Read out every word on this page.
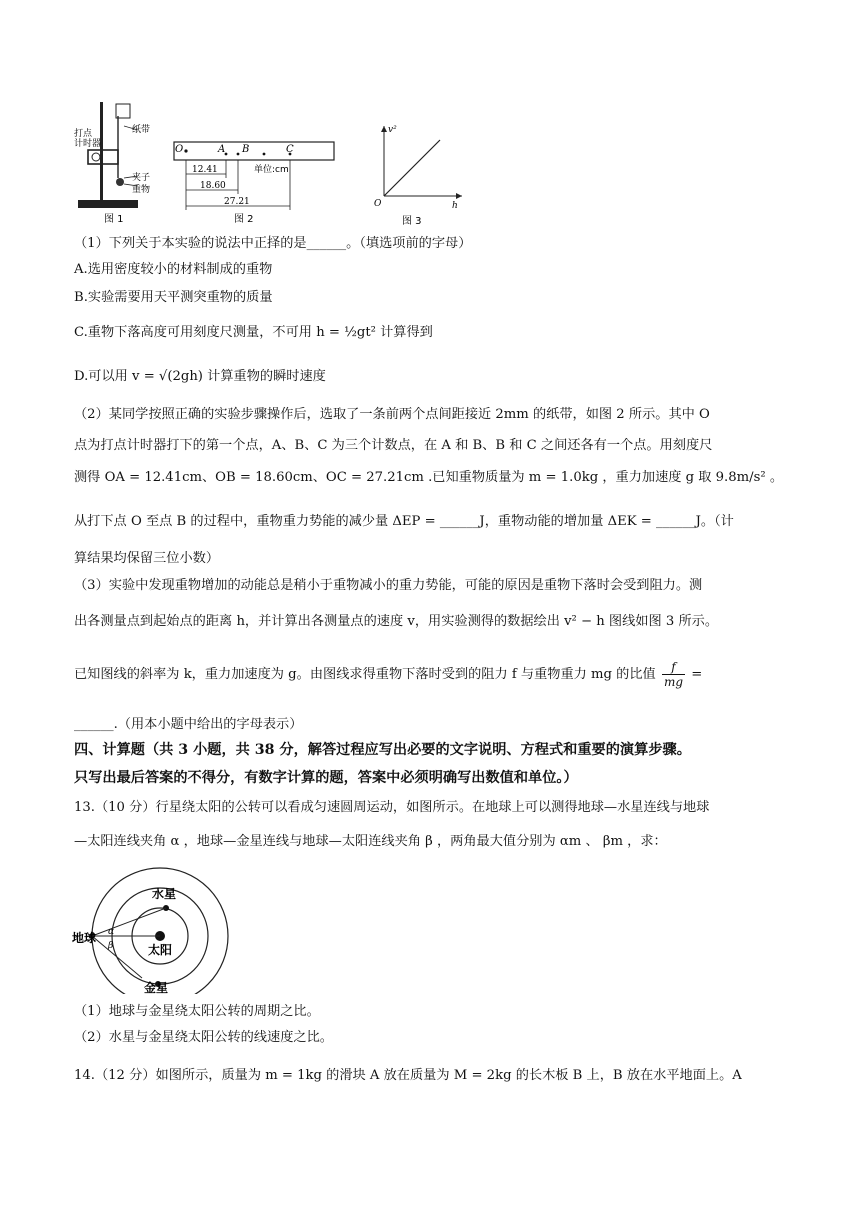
打点
计时器
纸带
夹子
重物
图 1
O	A B	C
12.41
18.60
27.21
单位:cm
图 2
v²
h
O
图 3
（1）下列关于本实验的说法中正择的是______。（填选项前的字母）
A.选用密度较小的材料制成的重物
B.实验需要用天平测突重物的质量
C.重物下落高度可用刻度尺测量，不可用 h = ½gt² 计算得到
D.可以用 v = √(2gh) 计算重物的瞬时速度
（2）某同学按照正确的实验步骤操作后，选取了一条前两个点间距接近 2mm 的纸带，如图 2 所示。其中 O
点为打点计时器打下的第一个点，A、B、C 为三个计数点，在 A 和 B、B 和 C 之间还各有一个点。用刻度尺
测得 OA = 12.41cm、OB = 18.60cm、OC = 27.21cm .已知重物质量为 m = 1.0kg ，重力加速度 g 取 9.8m/s² 。
从打下点 O 至点 B 的过程中，重物重力势能的减少量 ΔEP = ______J，重物动能的增加量 ΔEK = ______J。（计
算结果均保留三位小数）
（3）实验中发现重物增加的动能总是稍小于重物减小的重力势能，可能的原因是重物下落时会受到阻力。测
出各测量点到起始点的距离 h，并计算出各测量点的速度 v，用实验测得的数据绘出 v² − h 图线如图 3 所示。
已知图线的斜率为 k，重力加速度为 g。由图线求得重物下落时受到的阻力 f 与重物重力 mg 的比值 $\frac{f}{mg}$ =
______.（用本小题中给出的字母表示）
四、计算题（共 3 小题，共 38 分，解答过程应写出必要的文字说明、方程式和重要的演算步骤。
只写出最后答案的不得分，有数字计算的题，答案中必须明确写出数值和单位。）
13.（10 分）行星绕太阳的公转可以看成匀速圆周运动，如图所示。在地球上可以测得地球—水星连线与地球
—太阳连线夹角 α ，地球—金星连线与地球—太阳连线夹角 β ，两角最大值分别为 αm 、 βm ，求：
地球
水星
太阳
金星
α
β
（1）地球与金星绕太阳公转的周期之比。
（2）水星与金星绕太阳公转的线速度之比。
14.（12 分）如图所示，质量为 m = 1kg 的滑块 A 放在质量为 M = 2kg 的长木板 B 上，B 放在水平地面上。A
